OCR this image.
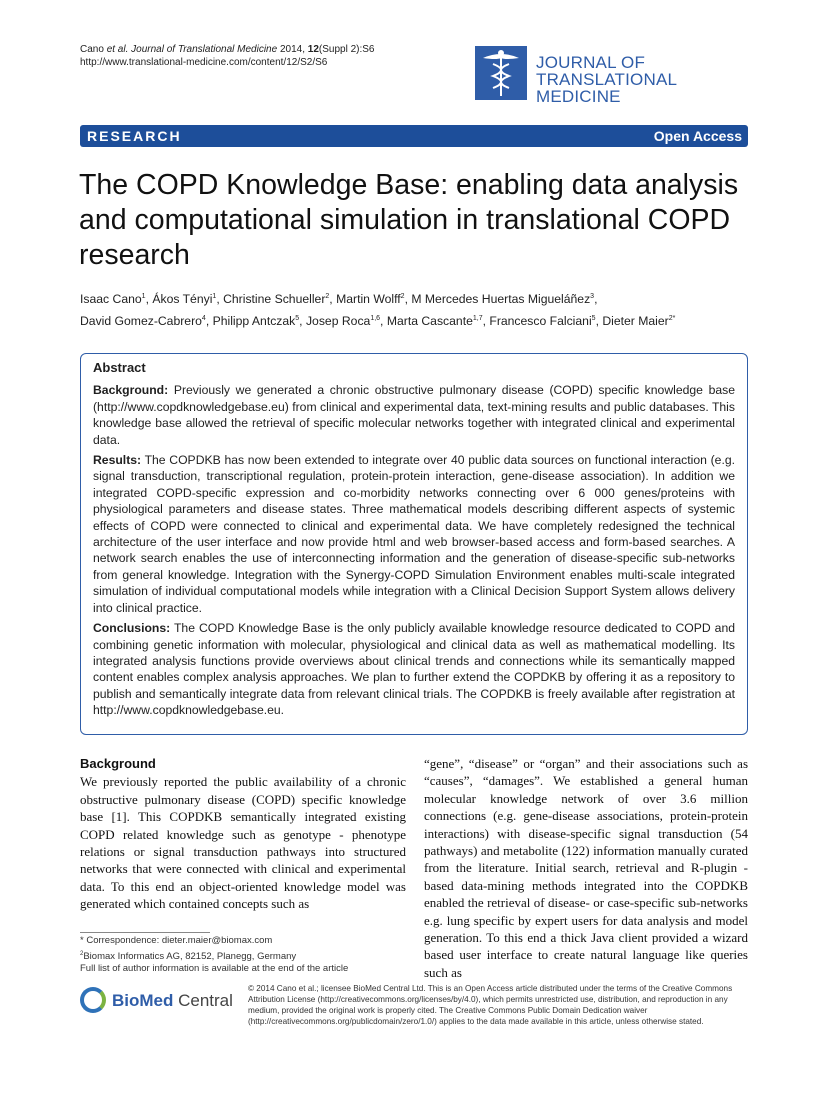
Cano et al. Journal of Translational Medicine 2014, 12(Suppl 2):S6
http://www.translational-medicine.com/content/12/S2/S6	JOURNAL OF
TRANSLATIONAL MEDICINE
RESEARCH	Open Access
The COPD Knowledge Base: enabling data analysis and computational simulation in translational COPD research
Isaac Cano$^1$, Ákos Tényi$^1$, Christine Schueller$^2$, Martin Wolff$^2$, M Mercedes Huertas Migueláñez$^3$,
David Gomez-Cabrero$^4$, Philipp Antczak$^5$, Josep Roca$^{1,6}$, Marta Cascante$^{1,7}$, Francesco Falciani$^5$, Dieter Maier$^{2*}$
Abstract

Background: Previously we generated a chronic obstructive pulmonary disease (COPD) specific knowledge base (http://www.copdknowledgebase.eu) from clinical and experimental data, text-mining results and public databases. This knowledge base allowed the retrieval of specific molecular networks together with integrated clinical and experimental data.

Results: The COPDKB has now been extended to integrate over 40 public data sources on functional interaction (e.g. signal transduction, transcriptional regulation, protein-protein interaction, gene-disease association). In addition we integrated COPD-specific expression and co-morbidity networks connecting over 6 000 genes/proteins with physiological parameters and disease states. Three mathematical models describing different aspects of systemic effects of COPD were connected to clinical and experimental data. We have completely redesigned the technical architecture of the user interface and now provide html and web browser-based access and form-based searches. A network search enables the use of interconnecting information and the generation of disease-specific sub-networks from general knowledge. Integration with the Synergy-COPD Simulation Environment enables multi-scale integrated simulation of individual computational models while integration with a Clinical Decision Support System allows delivery into clinical practice.

Conclusions: The COPD Knowledge Base is the only publicly available knowledge resource dedicated to COPD and combining genetic information with molecular, physiological and clinical data as well as mathematical modelling. Its integrated analysis functions provide overviews about clinical trends and connections while its semantically mapped content enables complex analysis approaches. We plan to further extend the COPDKB by offering it as a repository to publish and semantically integrate data from relevant clinical trials. The COPDKB is freely available after registration at http://www.copdknowledgebase.eu.

Background

We previously reported the public availability of a chronic obstructive pulmonary disease (COPD) specific knowledge base [1]. This COPDKB semantically integrated existing COPD related knowledge such as genotype - phenotype relations or signal transduction pathways into structured networks that were connected with clinical and experimental data. To this end an object-oriented knowledge model was generated which contained concepts such as

“gene”, “disease” or “organ” and their associations such as “causes”, “damages”. We established a general human molecular knowledge network of over 3.6 million connections (e.g. gene-disease associations, protein-protein interactions) with disease-specific signal transduction (54 pathways) and metabolite (122) information manually curated from the literature. Initial search, retrieval and R-plugin -based data-mining methods integrated into the COPDKB enabled the retrieval of disease- or case-specific sub-networks e.g. lung specific by expert users for data analysis and model generation. To this end a thick Java client provided a wizard based user interface to create natural language like queries such as

* Correspondence: dieter.maier@biomax.com
$^2$Biomax Informatics AG, 82152, Planegg, Germany
Full list of author information is available at the end of the article
BioMed Central
© 2014 Cano et al.; licensee BioMed Central Ltd. This is an Open Access article distributed under the terms of the Creative Commons Attribution License (http://creativecommons.org/licenses/by/4.0), which permits unrestricted use, distribution, and reproduction in any medium, provided the original work is properly cited. The Creative Commons Public Domain Dedication waiver (http://creativecommons.org/publicdomain/zero/1.0/) applies to the data made available in this article, unless otherwise stated.
